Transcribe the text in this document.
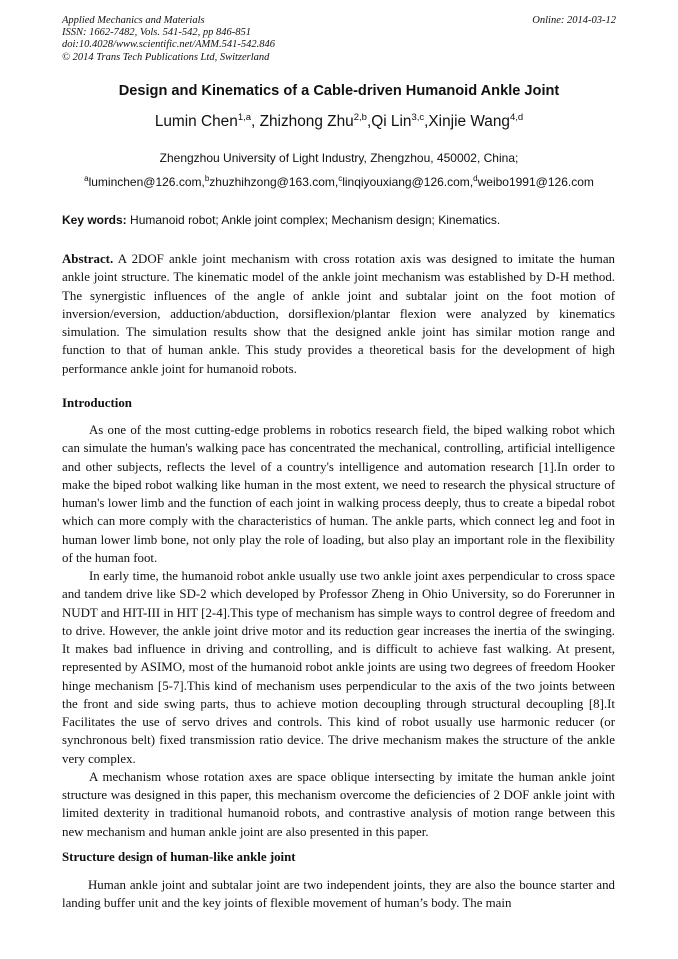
Applied Mechanics and Materials
ISSN: 1662-7482, Vols. 541-542, pp 846-851
doi:10.4028/www.scientific.net/AMM.541-542.846
© 2014 Trans Tech Publications Ltd, Switzerland
Online: 2014-03-12
Design and Kinematics of a Cable-driven Humanoid Ankle Joint
Lumin Chen$^{1,a}$, Zhizhong Zhu$^{2,b}$,Qi Lin$^{3,c}$,Xinjie Wang$^{4,d}$
Zhengzhou University of Light Industry, Zhengzhou, 450002, China;
$^a$luminchen@126.com,$^b$zhuzhihzong@163.com,$^c$linqiyouxiang@126.com,$^d$weibo1991@126.com
Key words: Humanoid robot; Ankle joint complex; Mechanism design; Kinematics.
Abstract. A 2DOF ankle joint mechanism with cross rotation axis was designed to imitate the human ankle joint structure. The kinematic model of the ankle joint mechanism was established by D-H method. The synergistic influences of the angle of ankle joint and subtalar joint on the foot motion of inversion/eversion, adduction/abduction, dorsiflexion/plantar flexion were analyzed by kinematics simulation. The simulation results show that the designed ankle joint has similar motion range and function to that of human ankle. This study provides a theoretical basis for the development of high performance ankle joint for humanoid robots.
Introduction

As one of the most cutting-edge problems in robotics research field, the biped walking robot which can simulate the human's walking pace has concentrated the mechanical, controlling, artificial intelligence and other subjects, reflects the level of a country's intelligence and automation research [1].In order to make the biped robot walking like human in the most extent, we need to research the physical structure of human's lower limb and the function of each joint in walking process deeply, thus to create a bipedal robot which can more comply with the characteristics of human. The ankle parts, which connect leg and foot in human lower limb bone, not only play the role of loading, but also play an important role in the flexibility of the human foot.

In early time, the humanoid robot ankle usually use two ankle joint axes perpendicular to cross space and tandem drive like SD-2 which developed by Professor Zheng in Ohio University, so do Forerunner in NUDT and HIT-III in HIT [2-4].This type of mechanism has simple ways to control degree of freedom and to drive. However, the ankle joint drive motor and its reduction gear increases the inertia of the swinging. It makes bad influence in driving and controlling, and is difficult to achieve fast walking. At present, represented by ASIMO, most of the humanoid robot ankle joints are using two degrees of freedom Hooker hinge mechanism [5-7].This kind of mechanism uses perpendicular to the axis of the two joints between the front and side swing parts, thus to achieve motion decoupling through structural decoupling [8].It Facilitates the use of servo drives and controls. This kind of robot usually use harmonic reducer (or synchronous belt) fixed transmission ratio device. The drive mechanism makes the structure of the ankle very complex.

A mechanism whose rotation axes are space oblique intersecting by imitate the human ankle joint structure was designed in this paper, this mechanism overcome the deficiencies of 2 DOF ankle joint with limited dexterity in traditional humanoid robots, and contrastive analysis of motion range between this new mechanism and human ankle joint are also presented in this paper.

Structure design of human-like ankle joint

Human ankle joint and subtalar joint are two independent joints, they are also the bounce starter and landing buffer unit and the key joints of flexible movement of human’s body. The main
